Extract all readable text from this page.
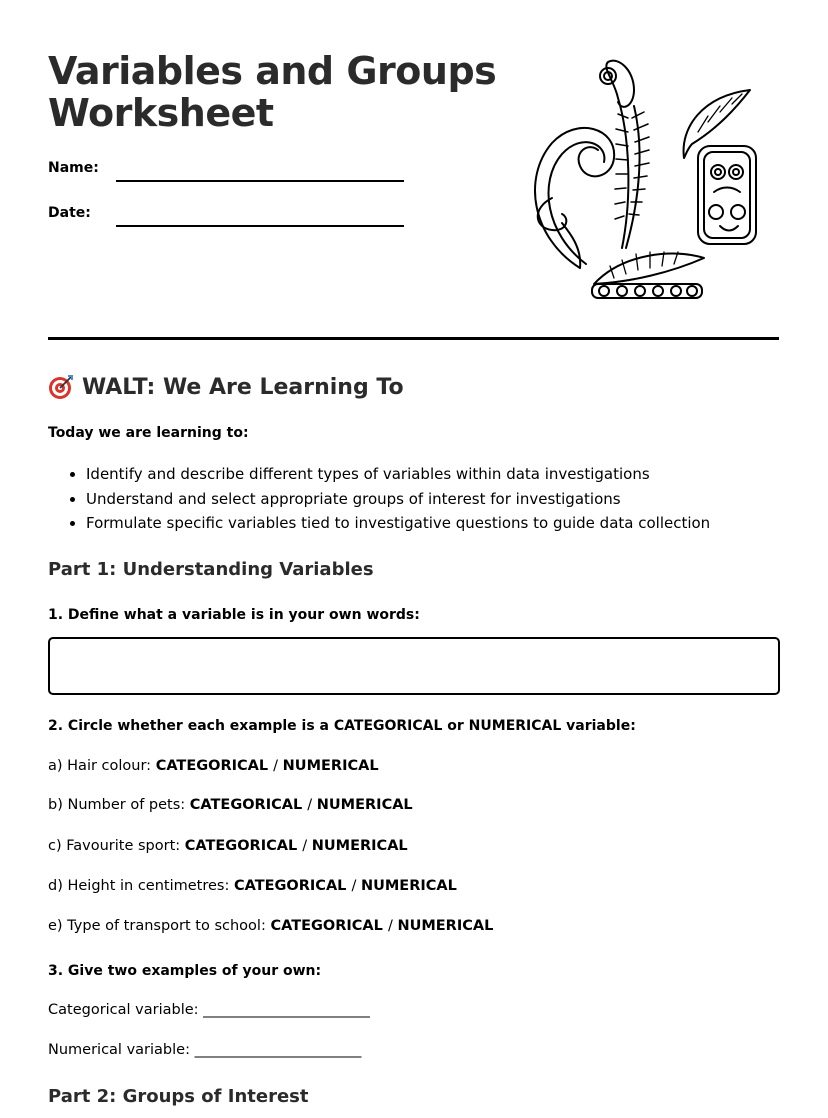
Variables and Groups
Worksheet
Name:
Date:
WALT: We Are Learning To
Today we are learning to:
• Identify and describe different types of variables within data investigations
• Understand and select appropriate groups of interest for investigations
• Formulate specific variables tied to investigative questions to guide data collection
Part 1: Understanding Variables
1. Define what a variable is in your own words:
2. Circle whether each example is a CATEGORICAL or NUMERICAL variable:
a) Hair colour: CATEGORICAL / NUMERICAL
b) Number of pets: CATEGORICAL / NUMERICAL
c) Favourite sport: CATEGORICAL / NUMERICAL
d) Height in centimetres: CATEGORICAL / NUMERICAL
e) Type of transport to school: CATEGORICAL / NUMERICAL
3. Give two examples of your own:
Categorical variable: _______________________
Numerical variable: _______________________
Part 2: Groups of Interest
